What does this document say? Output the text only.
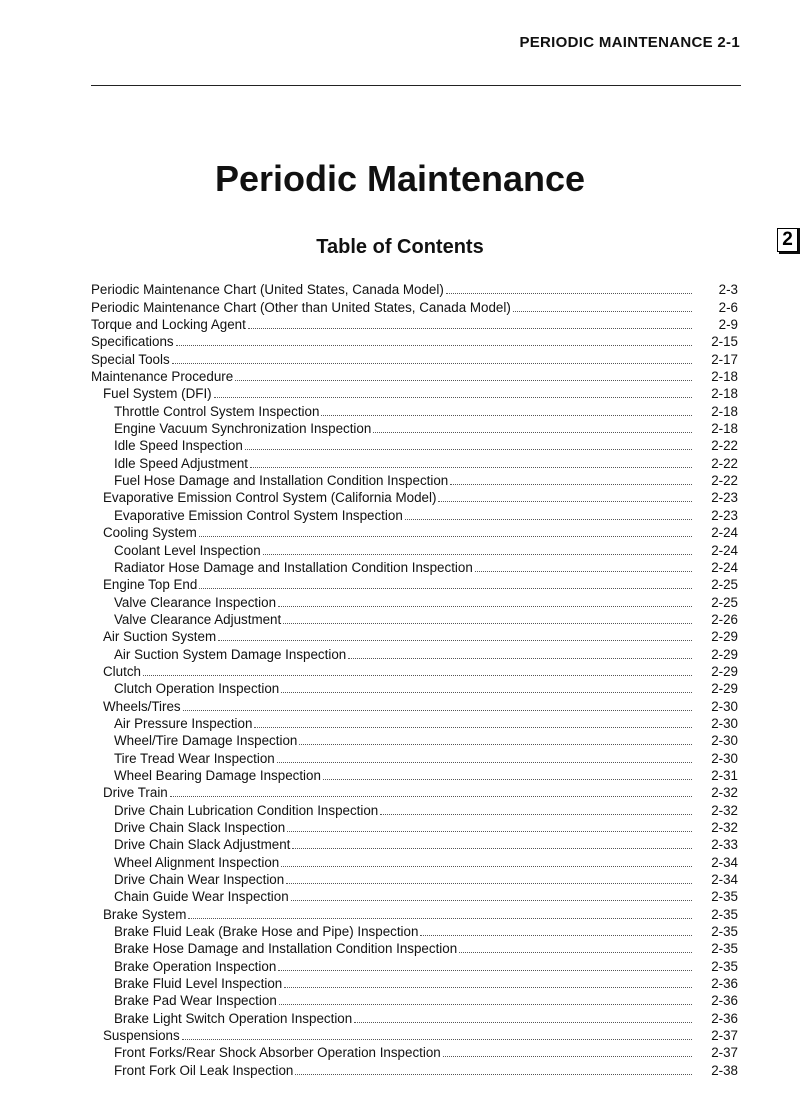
PERIODIC MAINTENANCE 2-1
2
Periodic Maintenance
Table of Contents
Periodic Maintenance Chart (United States, Canada Model)	2-3
Periodic Maintenance Chart (Other than United States, Canada Model)	2-6
Torque and Locking Agent	2-9
Specifications	2-15
Special Tools	2-17
Maintenance Procedure	2-18
Fuel System (DFI)	2-18
Throttle Control System Inspection	2-18
Engine Vacuum Synchronization Inspection	2-18
Idle Speed Inspection	2-22
Idle Speed Adjustment	2-22
Fuel Hose Damage and Installation Condition Inspection	2-22
Evaporative Emission Control System (California Model)	2-23
Evaporative Emission Control System Inspection	2-23
Cooling System	2-24
Coolant Level Inspection	2-24
Radiator Hose Damage and Installation Condition Inspection	2-24
Engine Top End	2-25
Valve Clearance Inspection	2-25
Valve Clearance Adjustment	2-26
Air Suction System	2-29
Air Suction System Damage Inspection	2-29
Clutch	2-29
Clutch Operation Inspection	2-29
Wheels/Tires	2-30
Air Pressure Inspection	2-30
Wheel/Tire Damage Inspection	2-30
Tire Tread Wear Inspection	2-30
Wheel Bearing Damage Inspection	2-31
Drive Train	2-32
Drive Chain Lubrication Condition Inspection	2-32
Drive Chain Slack Inspection	2-32
Drive Chain Slack Adjustment	2-33
Wheel Alignment Inspection	2-34
Drive Chain Wear Inspection	2-34
Chain Guide Wear Inspection	2-35
Brake System	2-35
Brake Fluid Leak (Brake Hose and Pipe) Inspection	2-35
Brake Hose Damage and Installation Condition Inspection	2-35
Brake Operation Inspection	2-35
Brake Fluid Level Inspection	2-36
Brake Pad Wear Inspection	2-36
Brake Light Switch Operation Inspection	2-36
Suspensions	2-37
Front Forks/Rear Shock Absorber Operation Inspection	2-37
Front Fork Oil Leak Inspection	2-38
